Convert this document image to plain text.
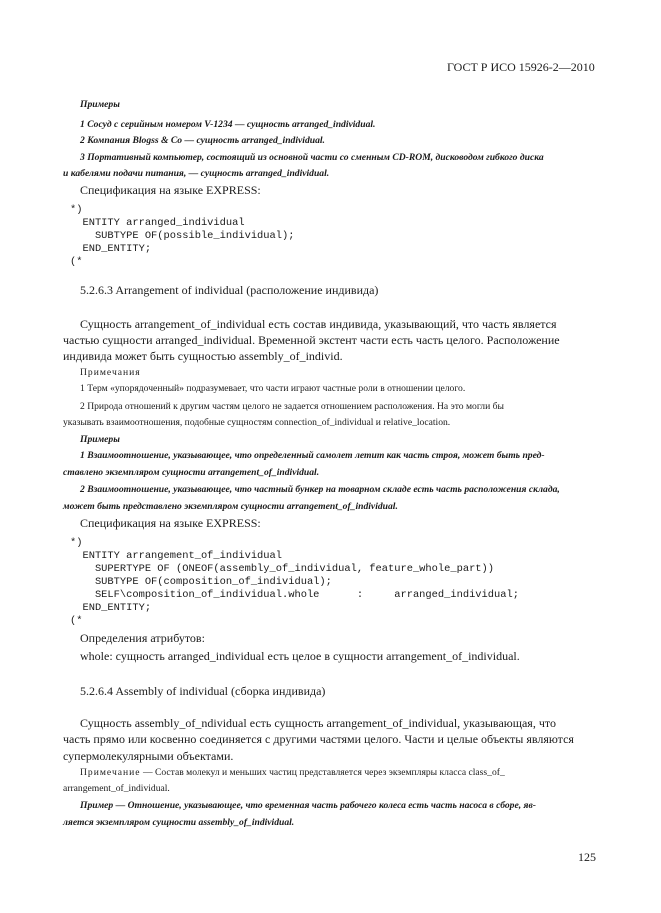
ГОСТ Р ИСО 15926-2—2010
Примеры
1 Сосуд с серийным номером V-1234 — сущность arranged_individual.
2 Компания Blogss & Co — сущность arranged_individual.
3 Портативный компьютер, состоящий из основной части со сменным CD-ROM, дисководом гибкого диска
и кабелями подачи питания, — сущность arranged_individual.
Спецификация на языке EXPRESS:
*)
ENTITY arranged_individual
SUBTYPE OF(possible_individual);
END_ENTITY;
(*
5.2.6.3 Arrangement of individual (расположение индивида)
Сущность arrangement_of_individual есть состав индивида, указывающий, что часть является
частью сущности arranged_individual. Временной экстент части есть часть целого. Расположение
индивида может быть сущностью assembly_of_individ.
Примечания
1 Терм «упорядоченный» подразумевает, что части играют частные роли в отношении целого.
2 Природа отношений к другим частям целого не задается отношением расположения. На это могли бы
указывать взаимоотношения, подобные сущностям connection_of_individual и relative_location.
Примеры
1 Взаимоотношение, указывающее, что определенный самолет летит как часть строя, может быть пред-
ставлено экземпляром сущности arrangement_of_individual.
2 Взаимоотношение, указывающее, что частный бункер на товарном складе есть часть расположения склада,
может быть представлено экземпляром сущности arrangement_of_individual.
Спецификация на языке EXPRESS:
*)
ENTITY arrangement_of_individual
SUPERTYPE OF (ONEOF(assembly_of_individual, feature_whole_part))
SUBTYPE OF(composition_of_individual);
SELF\composition_of_individual.whole      :     arranged_individual;
END_ENTITY;
(*
Определения атрибутов:
whole: сущность arranged_individual есть целое в сущности arrangement_of_individual.
5.2.6.4 Assembly of individual (сборка индивида)
Сущность assembly_of_ndividual есть сущность arrangement_of_individual, указывающая, что
часть прямо или косвенно соединяется с другими частями целого. Части и целые объекты являются
супермолекулярными объектами.
Примечание — Состав молекул и меньших частиц представляется через экземпляры класса class_of_
arrangement_of_individual.
Пример — Отношение, указывающее, что временная часть рабочего колеса есть часть насоса в сборе, яв-
ляется экземпляром сущности assembly_of_individual.
125
